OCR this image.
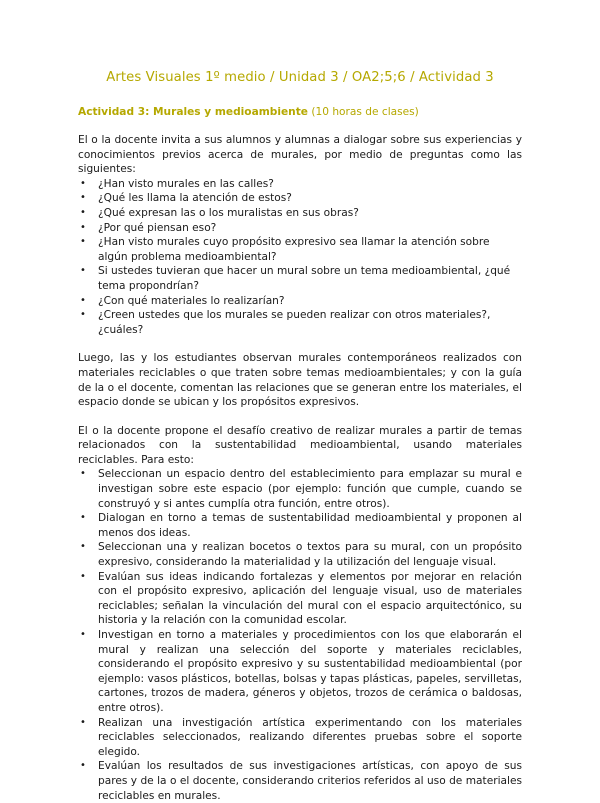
Artes Visuales 1º medio / Unidad 3 / OA2;5;6 / Actividad 3
Actividad 3: Murales y medioambiente (10 horas de clases)

El o la docente invita a sus alumnos y alumnas a dialogar sobre sus experiencias y conocimientos previos acerca de murales, por medio de preguntas como las siguientes:

• ¿Han visto murales en las calles?
• ¿Qué les llama la atención de estos?
• ¿Qué expresan las o los muralistas en sus obras?
• ¿Por qué piensan eso?
• ¿Han visto murales cuyo propósito expresivo sea llamar la atención sobre algún problema medioambiental?
• Si ustedes tuvieran que hacer un mural sobre un tema medioambiental, ¿qué tema propondrían?
• ¿Con qué materiales lo realizarían?
• ¿Creen ustedes que los murales se pueden realizar con otros materiales?, ¿cuáles?

Luego, las y los estudiantes observan murales contemporáneos realizados con materiales reciclables o que traten sobre temas medioambientales; y con la guía de la o el docente, comentan las relaciones que se generan entre los materiales, el espacio donde se ubican y los propósitos expresivos.

El o la docente propone el desafío creativo de realizar murales a partir de temas relacionados con la sustentabilidad medioambiental, usando materiales reciclables. Para esto:

• Seleccionan un espacio dentro del establecimiento para emplazar su mural e investigan sobre este espacio (por ejemplo: función que cumple, cuando se construyó y si antes cumplía otra función, entre otros).
• Dialogan en torno a temas de sustentabilidad medioambiental y proponen al menos dos ideas.
• Seleccionan una y realizan bocetos o textos para su mural, con un propósito expresivo, considerando la materialidad y la utilización del lenguaje visual.
• Evalúan sus ideas indicando fortalezas y elementos por mejorar en relación con el propósito expresivo, aplicación del lenguaje visual, uso de materiales reciclables; señalan la vinculación del mural con el espacio arquitectónico, su historia y la relación con la comunidad escolar.
• Investigan en torno a materiales y procedimientos con los que elaborarán el mural y realizan una selección del soporte y materiales reciclables, considerando el propósito expresivo y su sustentabilidad medioambiental (por ejemplo: vasos plásticos, botellas, bolsas y tapas plásticas, papeles, servilletas, cartones, trozos de madera, géneros y objetos, trozos de cerámica o baldosas, entre otros).
• Realizan una investigación artística experimentando con los materiales reciclables seleccionados, realizando diferentes pruebas sobre el soporte elegido.
• Evalúan los resultados de sus investigaciones artísticas, con apoyo de sus pares y de la o el docente, considerando criterios referidos al uso de materiales reciclables en murales.
